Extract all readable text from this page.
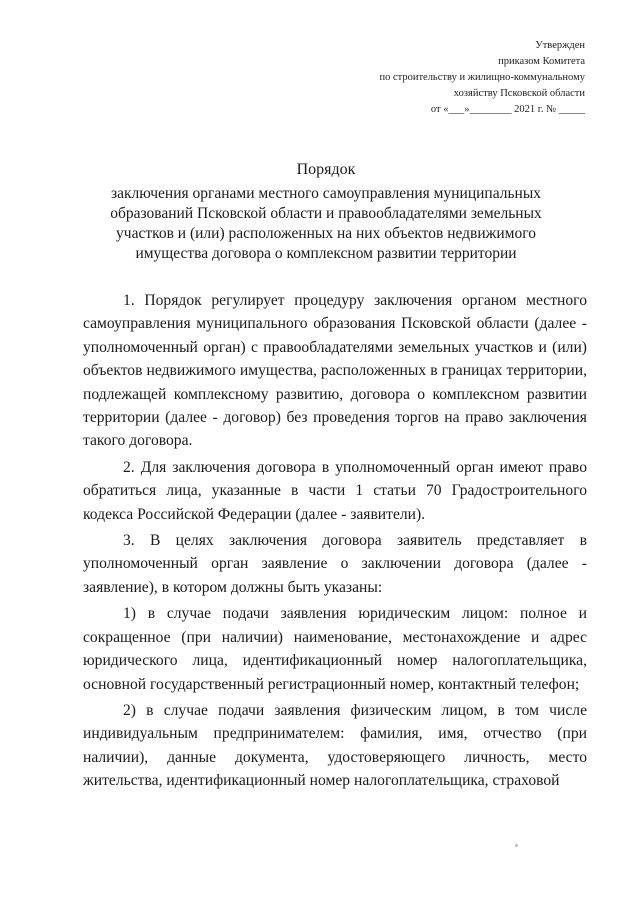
Утвержден
приказом Комитета
по строительству и жилищно-коммунальному
хозяйству Псковской области
от «___»________ 2021 г. № _____
Порядок
заключения органами местного самоуправления муниципальных
образований Псковской области и правообладателями земельных
участков и (или) расположенных на них объектов недвижимого
имущества договора о комплексном развитии территории

1. Порядок регулирует процедуру заключения органом местного самоуправления муниципального образования Псковской области (далее - уполномоченный орган) с правообладателями земельных участков и (или) объектов недвижимого имущества, расположенных в границах территории, подлежащей комплексному развитию, договора о комплексном развитии территории (далее - договор) без проведения торгов на право заключения такого договора.

2. Для заключения договора в уполномоченный орган имеют право обратиться лица, указанные в части 1 статьи 70 Градостроительного кодекса Российской Федерации (далее - заявители).

3. В целях заключения договора заявитель представляет в уполномоченный орган заявление о заключении договора (далее - заявление), в котором должны быть указаны:

1) в случае подачи заявления юридическим лицом: полное и сокращенное (при наличии) наименование, местонахождение и адрес юридического лица, идентификационный номер налогоплательщика, основной государственный регистрационный номер, контактный телефон;

2) в случае подачи заявления физическим лицом, в том числе индивидуальным предпринимателем: фамилия, имя, отчество (при наличии), данные документа, удостоверяющего личность, место жительства, идентификационный номер налогоплательщика, страховой
